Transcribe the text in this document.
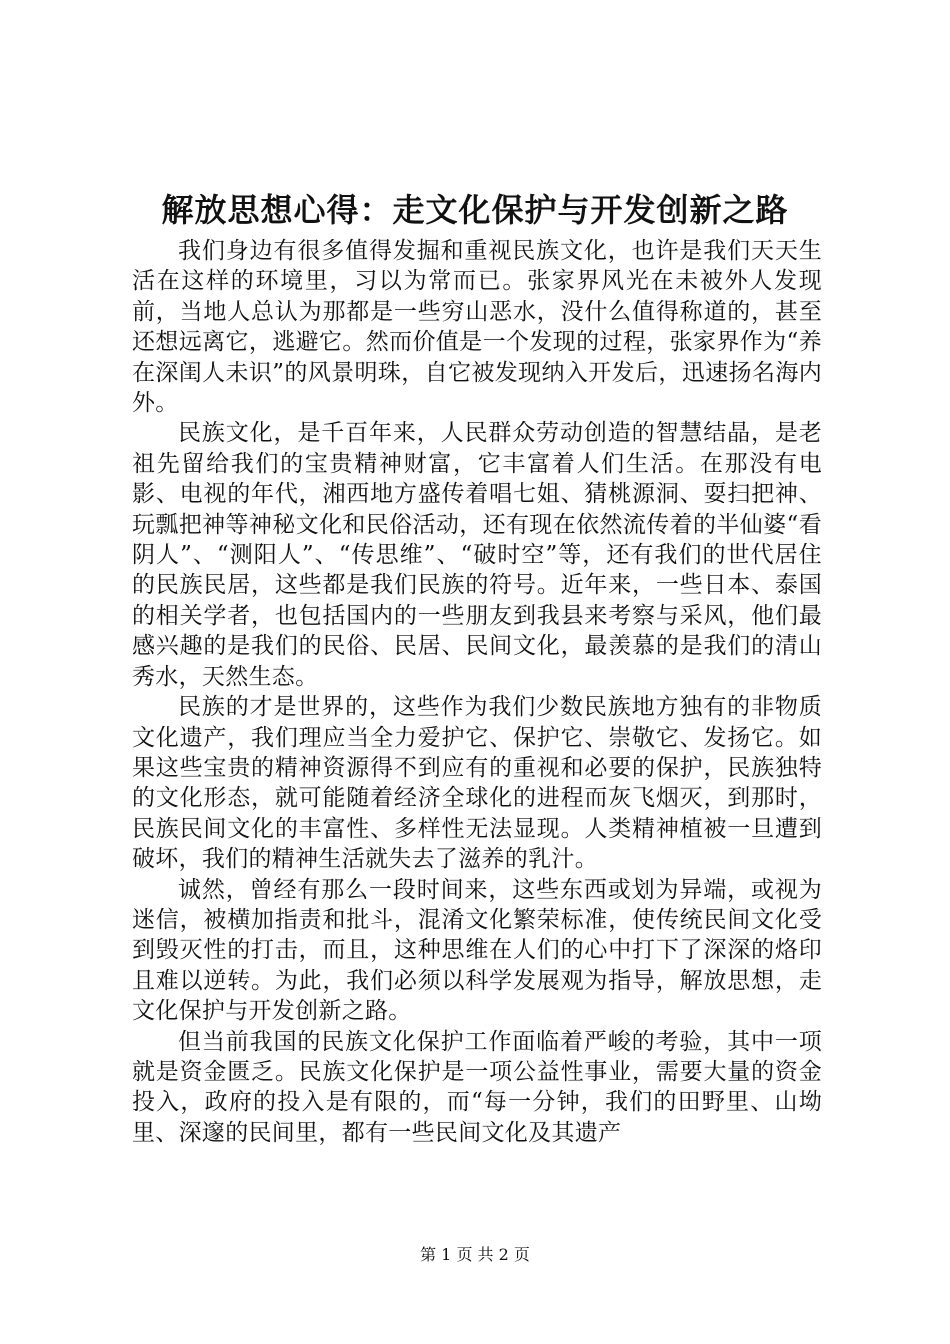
解放思想心得：走文化保护与开发创新之路

我们身边有很多值得发掘和重视民族文化，也许是我们天天生活在这样的环境里，习以为常而已。张家界风光在未被外人发现前，当地人总认为那都是一些穷山恶水，没什么值得称道的，甚至还想远离它，逃避它。然而价值是一个发现的过程，张家界作为“养在深闺人未识”的风景明珠，自它被发现纳入开发后，迅速扬名海内外。

民族文化，是千百年来，人民群众劳动创造的智慧结晶，是老祖先留给我们的宝贵精神财富，它丰富着人们生活。在那没有电影、电视的年代，湘西地方盛传着唱七姐、猜桃源洞、耍扫把神、玩瓢把神等神秘文化和民俗活动，还有现在依然流传着的半仙婆“看阴人”、“测阳人”、“传思维”、“破时空”等，还有我们的世代居住的民族民居，这些都是我们民族的符号。近年来，一些日本、泰国的相关学者，也包括国内的一些朋友到我县来考察与采风，他们最感兴趣的是我们的民俗、民居、民间文化，最羡慕的是我们的清山秀水，天然生态。

民族的才是世界的，这些作为我们少数民族地方独有的非物质文化遗产，我们理应当全力爱护它、保护它、崇敬它、发扬它。如果这些宝贵的精神资源得不到应有的重视和必要的保护，民族独特的文化形态，就可能随着经济全球化的进程而灰飞烟灭，到那时，民族民间文化的丰富性、多样性无法显现。人类精神植被一旦遭到破坏，我们的精神生活就失去了滋养的乳汁。

诚然，曾经有那么一段时间来，这些东西或划为异端，或视为迷信，被横加指责和批斗，混淆文化繁荣标准，使传统民间文化受到毁灭性的打击，而且，这种思维在人们的心中打下了深深的烙印且难以逆转。为此，我们必须以科学发展观为指导，解放思想，走文化保护与开发创新之路。

但当前我国的民族文化保护工作面临着严峻的考验，其中一项就是资金匮乏。民族文化保护是一项公益性事业，需要大量的资金投入，政府的投入是有限的，而“每一分钟，我们的田野里、山坳里、深邃的民间里，都有一些民间文化及其遗产

第 1 页 共 2 页
